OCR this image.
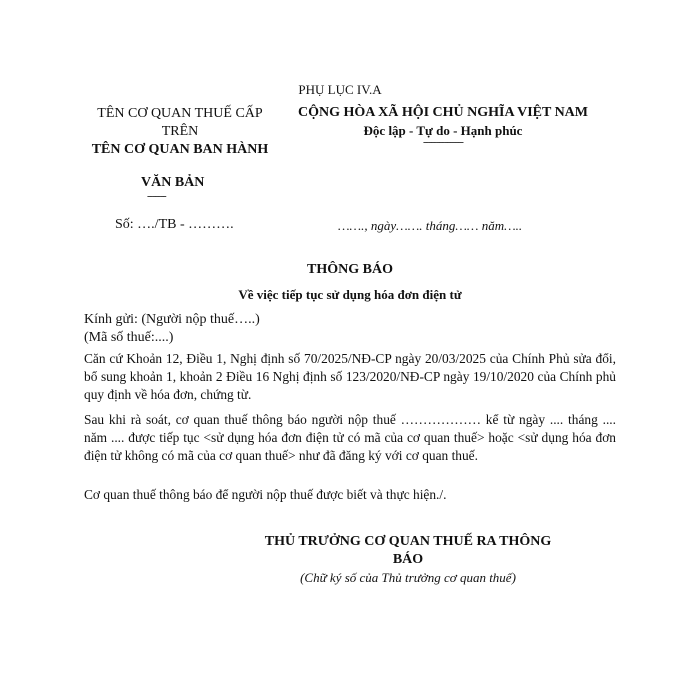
PHỤ LỤC IV.A
TÊN CƠ QUAN THUẾ CẤP
TRÊN
TÊN CƠ QUAN BAN HÀNH
VĂN BẢN
-------
CỘNG HÒA XÃ HỘI CHỦ NGHĨA VIỆT NAM
Độc lập - Tự do - Hạnh phúc
---------------
Số: …./TB - ……….	……., ngày……. tháng…… năm…..
THÔNG BÁO
Về việc tiếp tục sử dụng hóa đơn điện tử
Kính gửi: (Người nộp thuế…..)
(Mã số thuế:....)
Căn cứ Khoản 12, Điều 1, Nghị định số 70/2025/NĐ-CP ngày 20/03/2025 của Chính Phủ sửa đổi, bổ sung khoản 1, khoản 2 Điều 16 Nghị định số 123/2020/NĐ-CP ngày 19/10/2020 của Chính phủ quy định về hóa đơn, chứng từ.
Sau khi rà soát, cơ quan thuế thông báo người nộp thuế ……………… kể từ ngày .... tháng .... năm .... được tiếp tục <sử dụng hóa đơn điện tử có mã của cơ quan thuế> hoặc <sử dụng hóa đơn điện tử không có mã của cơ quan thuế> như đã đăng ký với cơ quan thuế.
Cơ quan thuế thông báo để người nộp thuế được biết và thực hiện./.
THỦ TRƯỞNG CƠ QUAN THUẾ RA THÔNG
BÁO
(Chữ ký số của Thủ trưởng cơ quan thuế)
